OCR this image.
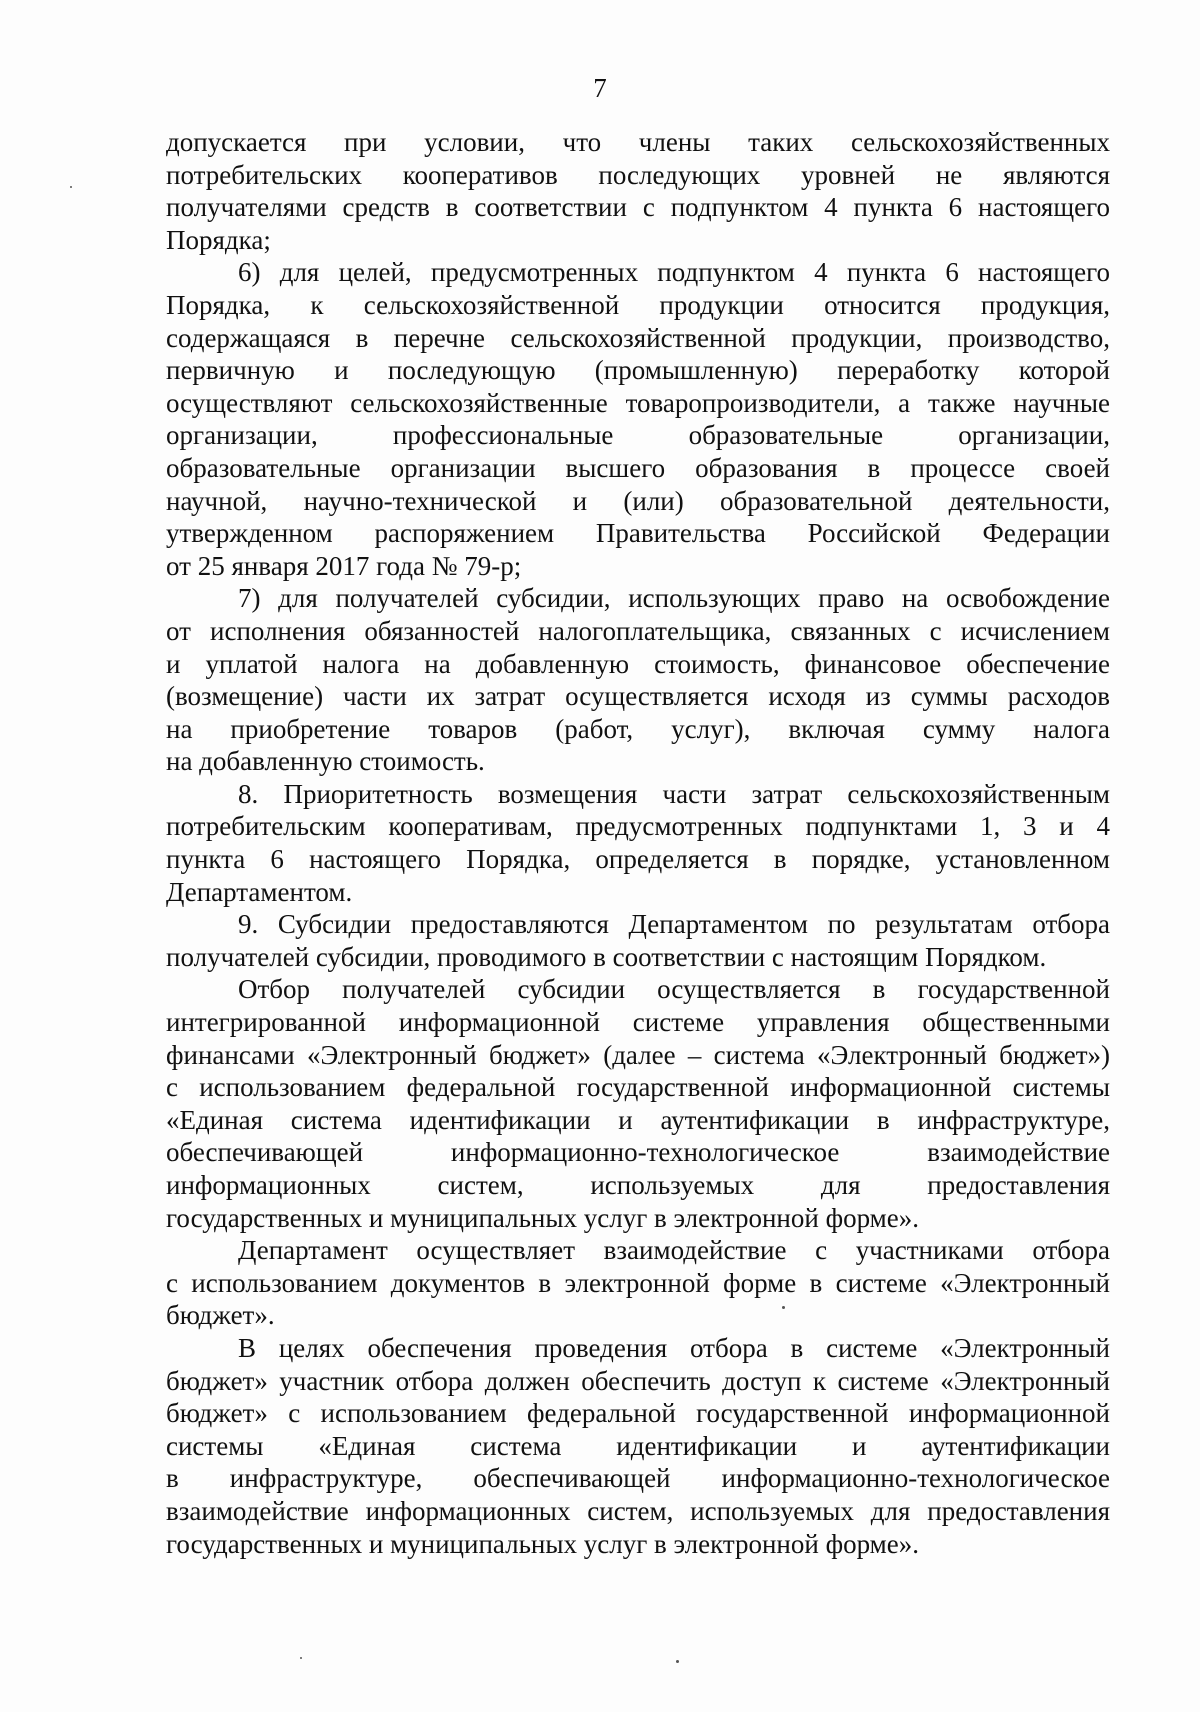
7
допускается при условии, что члены таких сельскохозяйственных
потребительских кооперативов последующих уровней не являются
получателями средств в соответствии с подпунктом 4 пункта 6 настоящего
Порядка;
6) для целей, предусмотренных подпунктом 4 пункта 6 настоящего
Порядка, к сельскохозяйственной продукции относится продукция,
содержащаяся в перечне сельскохозяйственной продукции, производство,
первичную и последующую (промышленную) переработку которой
осуществляют сельскохозяйственные товаропроизводители, а также научные
организации, профессиональные образовательные организации,
образовательные организации высшего образования в процессе своей
научной, научно-технической и (или) образовательной деятельности,
утвержденном распоряжением Правительства Российской Федерации
от 25 января 2017 года № 79-р;
7) для получателей субсидии, использующих право на освобождение
от исполнения обязанностей налогоплательщика, связанных с исчислением
и уплатой налога на добавленную стоимость, финансовое обеспечение
(возмещение) части их затрат осуществляется исходя из суммы расходов
на приобретение товаров (работ, услуг), включая сумму налога
на добавленную стоимость.
8. Приоритетность возмещения части затрат сельскохозяйственным
потребительским кооперативам, предусмотренных подпунктами 1, 3 и 4
пункта 6 настоящего Порядка, определяется в порядке, установленном
Департаментом.
9. Субсидии предоставляются Департаментом по результатам отбора
получателей субсидии, проводимого в соответствии с настоящим Порядком.
Отбор получателей субсидии осуществляется в государственной
интегрированной информационной системе управления общественными
финансами «Электронный бюджет» (далее – система «Электронный бюджет»)
с использованием федеральной государственной информационной системы
«Единая система идентификации и аутентификации в инфраструктуре,
обеспечивающей информационно-технологическое взаимодействие
информационных систем, используемых для предоставления
государственных и муниципальных услуг в электронной форме».
Департамент осуществляет взаимодействие с участниками отбора
с использованием документов в электронной форме в системе «Электронный
бюджет».
В целях обеспечения проведения отбора в системе «Электронный
бюджет» участник отбора должен обеспечить доступ к системе «Электронный
бюджет» с использованием федеральной государственной информационной
системы «Единая система идентификации и аутентификации
в инфраструктуре, обеспечивающей информационно-технологическое
взаимодействие информационных систем, используемых для предоставления
государственных и муниципальных услуг в электронной форме».
